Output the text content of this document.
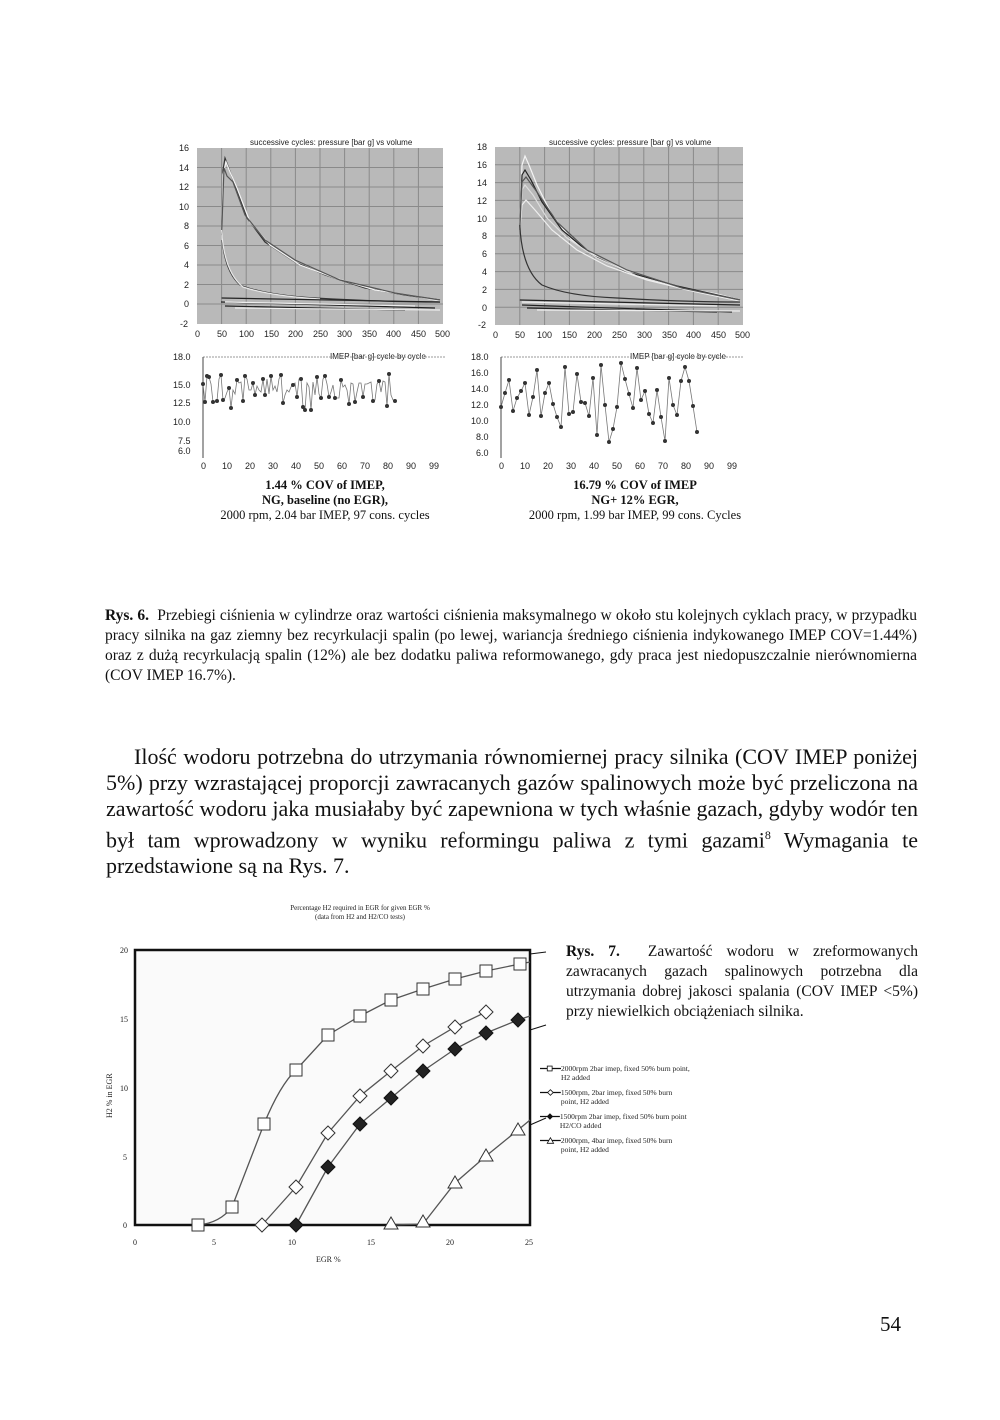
successive cycles: pressure [bar g] vs volume
16
14
12
10
8
6
4
2
0
-2
0 50 100 150 200 250 300 350 400 450 500
successive cycles: pressure [bar g] vs volume
18
16
14
12
10
8
6
4
2
0
-2
0 50 100 150 200 250 300 350 400 450 500
IMEP [bar g] cycle by cycle
18.0
15.0
12.5
10.0
7.5
6.0
0 10 20 30 40 50 60 70 80 90 99
IMEP [bar g] cycle by cycle
18.0
16.0
14.0
12.0
10.0
8.0
6.0
0 10 20 30 40 50 60 70 80 90 99
1.44 % COV of IMEP,
NG, baseline (no EGR),
2000 rpm, 2.04 bar IMEP, 97 cons. cycles
16.79 % COV of IMEP
NG+ 12% EGR,
2000 rpm, 1.99 bar IMEP, 99 cons. Cycles
Rys. 6. Przebiegi ciśnienia w cylindrze oraz wartości ciśnienia maksymalnego w około stu kolejnych cyklach pracy, w przypadku pracy silnika na gaz ziemny bez recyrkulacji spalin (po lewej, wariancja średniego ciśnienia indykowanego IMEP COV=1.44%) oraz z dużą recyrkulacją spalin (12%) ale bez dodatku paliwa reformowanego, gdy praca jest niedopuszczalnie nierównomierna (COV IMEP 16.7%).
Ilość wodoru potrzebna do utrzymania równomiernej pracy silnika (COV IMEP poniżej 5%) przy wzrastającej proporcji zawracanych gazów spalinowych może być przeliczona na zawartość wodoru jaka musiałaby być zapewniona w tych właśnie gazach, gdyby wodór ten był tam wprowadzony w wyniku reformingu paliwa z tymi gazami$^8$ Wymagania te przedstawione są na Rys. 7.
Percentage H2 required in EGR for given EGR %
(data from H2 and H2/CO tests)
20
15
10
5
0
0	5	10	15	20	25
EGR %
H2 % in EGR
2000rpm 2bar imep, fixed 50% burn point, H2 added
1500rpm, 2bar imep, fixed 50% burn point, H2 added
1500rpm 2bar imep, fixed 50% burn point H2/CO added
2000rpm, 4bar imep, fixed 50% burn point, H2 added
Rys. 7. Zawartość wodoru w zreformowanych zawracanych gazach spalinowych potrzebna dla utrzymania dobrej jakosci spalania (COV IMEP <5%) przy niewielkich obciążeniach silnika.
54
